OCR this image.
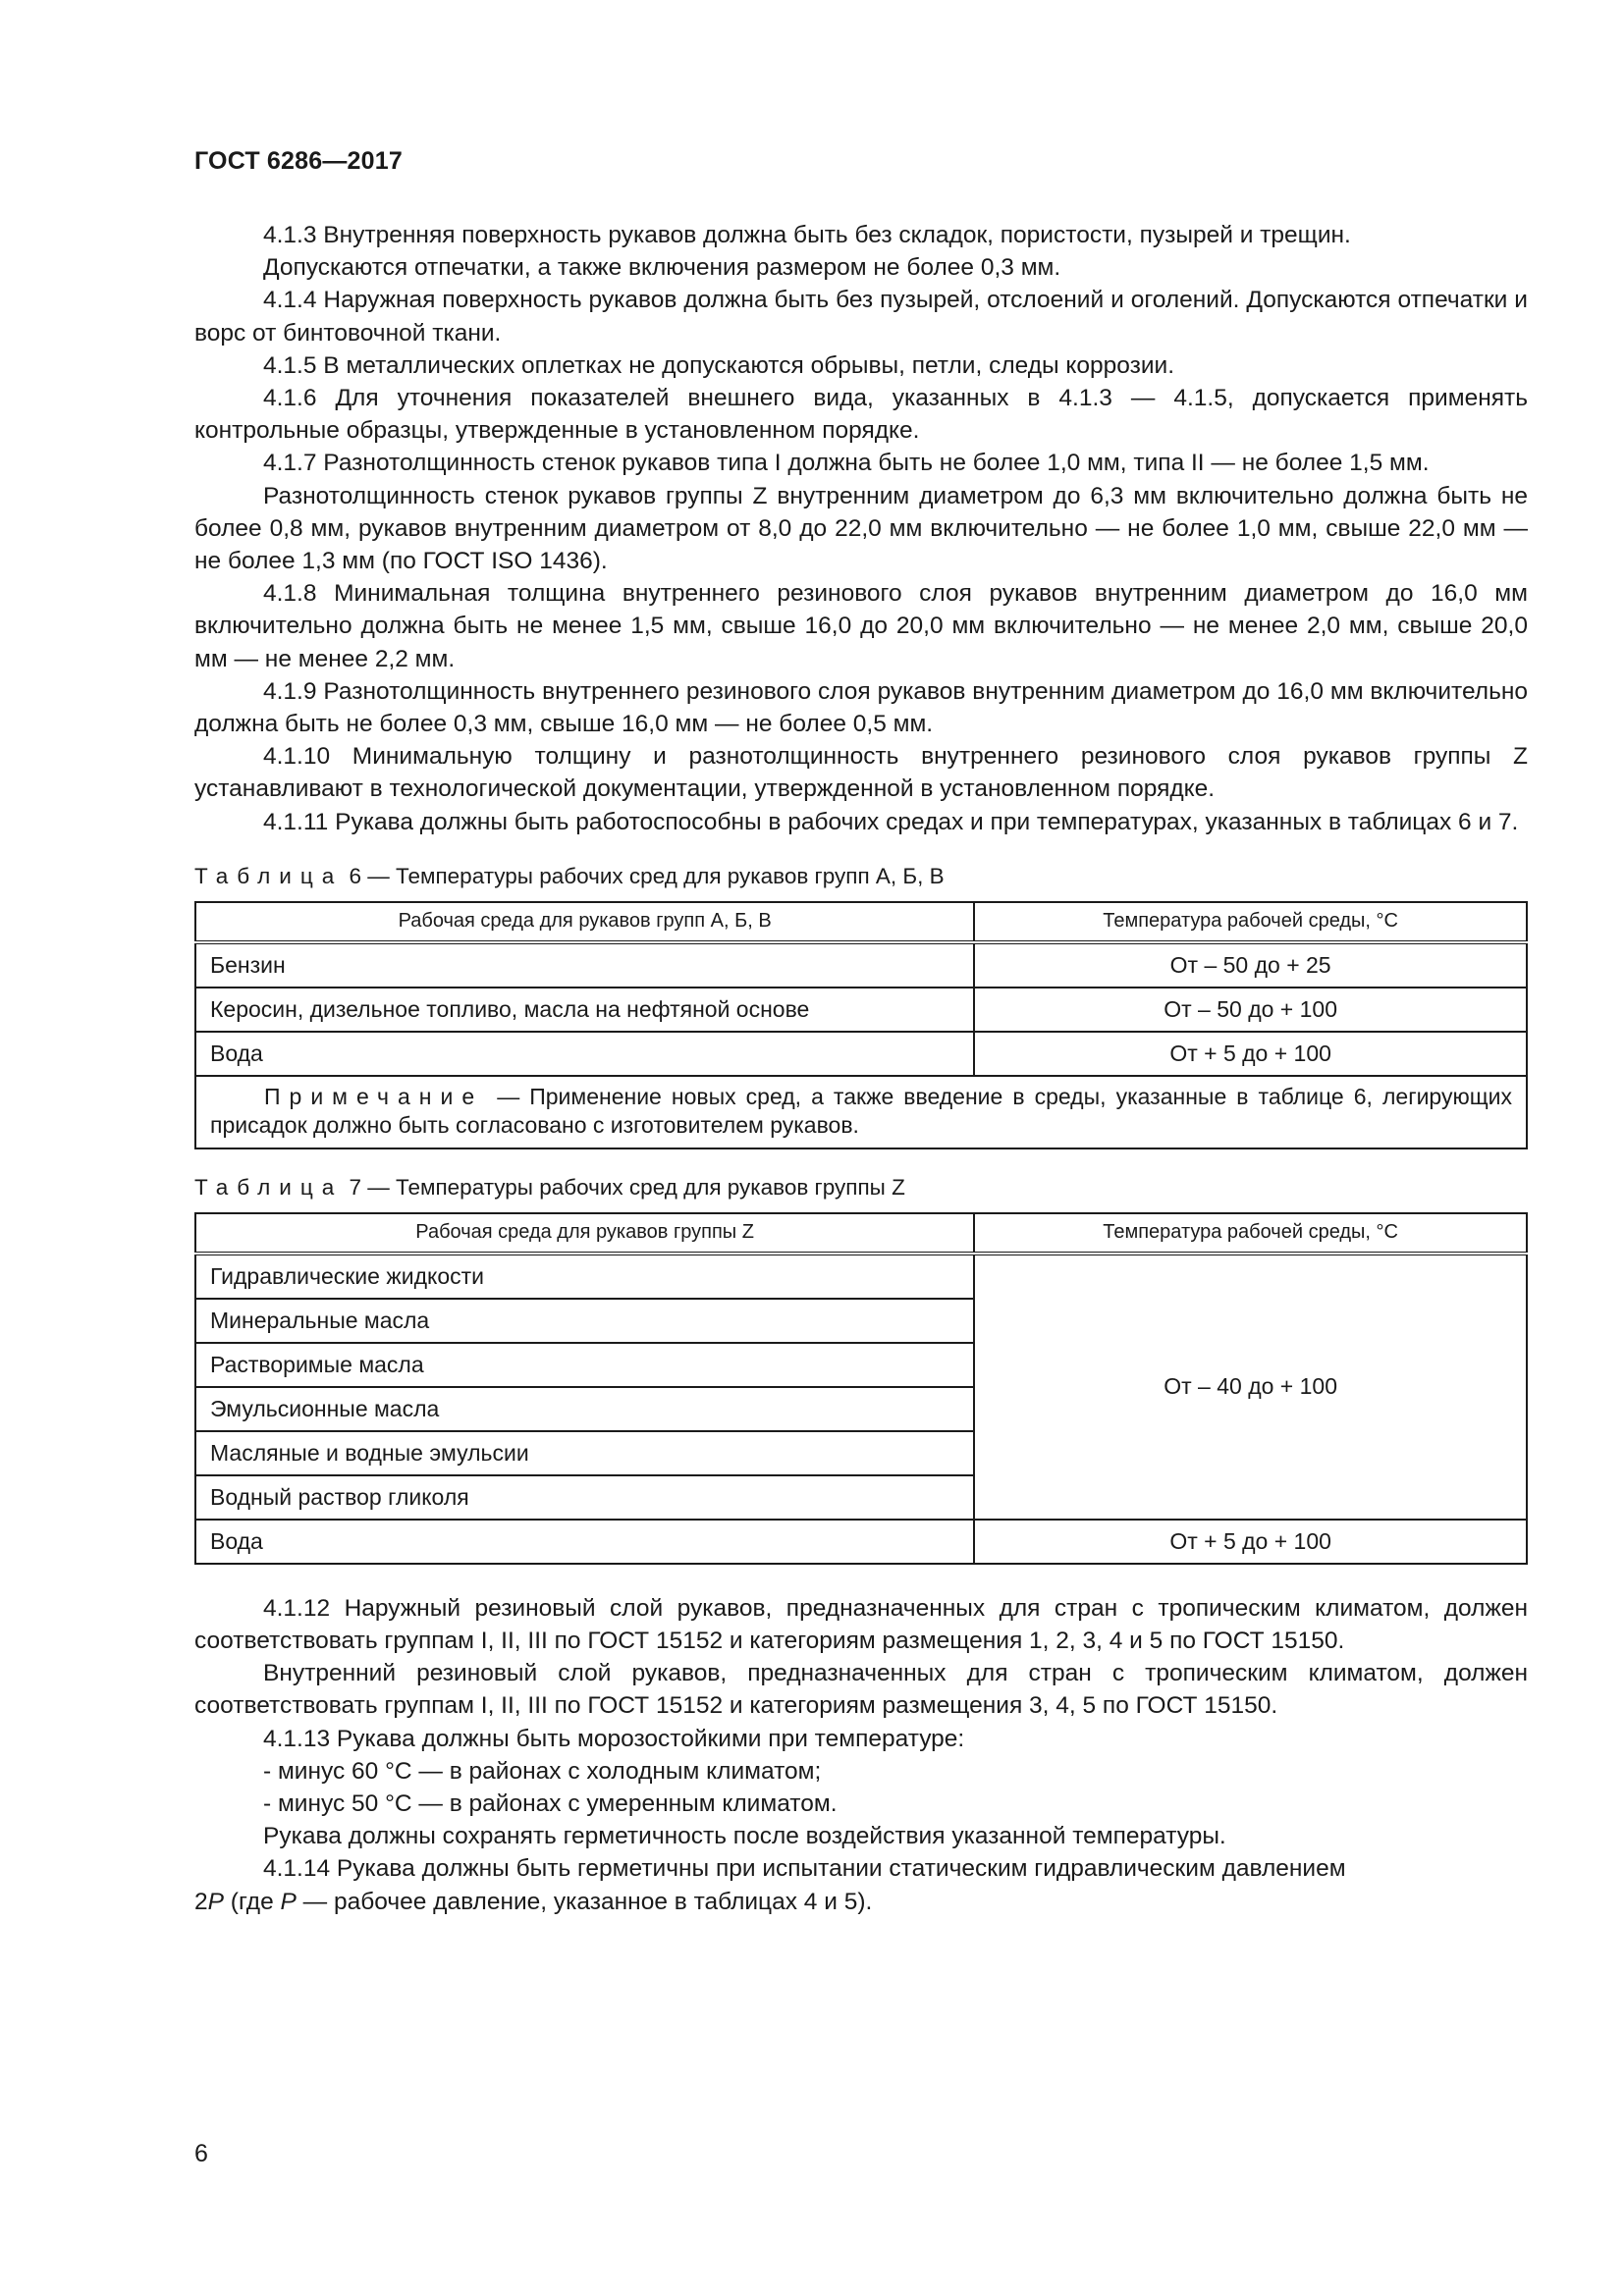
ГОСТ 6286—2017

4.1.3 Внутренняя поверхность рукавов должна быть без складок, пористости, пузырей и трещин.

Допускаются отпечатки, а также включения размером не более 0,3 мм.

4.1.4 Наружная поверхность рукавов должна быть без пузырей, отслоений и оголений. Допускаются отпечатки и ворс от бинтовочной ткани.

4.1.5 В металлических оплетках не допускаются обрывы, петли, следы коррозии.

4.1.6 Для уточнения показателей внешнего вида, указанных в 4.1.3 — 4.1.5, допускается применять контрольные образцы, утвержденные в установленном порядке.

4.1.7 Разнотолщинность стенок рукавов типа I должна быть не более 1,0 мм, типа II — не более 1,5 мм.

Разнотолщинность стенок рукавов группы Z внутренним диаметром до 6,3 мм включительно должна быть не более 0,8 мм, рукавов внутренним диаметром от 8,0 до 22,0 мм включительно — не более 1,0 мм, свыше 22,0 мм — не более 1,3 мм (по ГОСТ ISO 1436).

4.1.8 Минимальная толщина внутреннего резинового слоя рукавов внутренним диаметром до 16,0 мм включительно должна быть не менее 1,5 мм, свыше 16,0 до 20,0 мм включительно — не менее 2,0 мм, свыше 20,0 мм — не менее 2,2 мм.

4.1.9 Разнотолщинность внутреннего резинового слоя рукавов внутренним диаметром до 16,0 мм включительно должна быть не более 0,3 мм, свыше 16,0 мм — не более 0,5 мм.

4.1.10 Минимальную толщину и разнотолщинность внутреннего резинового слоя рукавов группы Z устанавливают в технологической документации, утвержденной в установленном порядке.

4.1.11 Рукава должны быть работоспособны в рабочих средах и при температурах, указанных в таблицах 6 и 7.

Таблица 6 — Температуры рабочих сред для рукавов групп А, Б, В
Рабочая среда для рукавов групп А, Б, В	Температура рабочей среды, °С
Бензин	От – 50 до + 25
Керосин, дизельное топливо, масла на нефтяной основе	От – 50 до + 100
Вода	От + 5 до + 100
Примечание — Применение новых сред, а также введение в среды, указанные в таблице 6, легирующих присадок должно быть согласовано с изготовителем рукавов.	
Таблица 7 — Температуры рабочих сред для рукавов группы Z
Рабочая среда для рукавов группы Z	Температура рабочей среды, °С
Гидравлические жидкости	От – 40 до + 100
Минеральные масла	
Растворимые масла	
Эмульсионные масла	
Масляные и водные эмульсии	
Водный раствор гликоля	
Вода	От + 5 до + 100

4.1.12 Наружный резиновый слой рукавов, предназначенных для стран с тропическим климатом, должен соответствовать группам I, II, III по ГОСТ 15152 и категориям размещения 1, 2, 3, 4 и 5 по ГОСТ 15150.

Внутренний резиновый слой рукавов, предназначенных для стран с тропическим климатом, должен соответствовать группам I, II, III по ГОСТ 15152 и категориям размещения 3, 4, 5 по ГОСТ 15150.

4.1.13 Рукава должны быть морозостойкими при температуре:

- минус 60 °С — в районах с холодным климатом;

- минус 50 °С — в районах с умеренным климатом.

Рукава должны сохранять герметичность после воздействия указанной температуры.

4.1.14 Рукава должны быть герметичны при испытании статическим гидравлическим давлением

2P (где P — рабочее давление, указанное в таблицах 4 и 5).

6
